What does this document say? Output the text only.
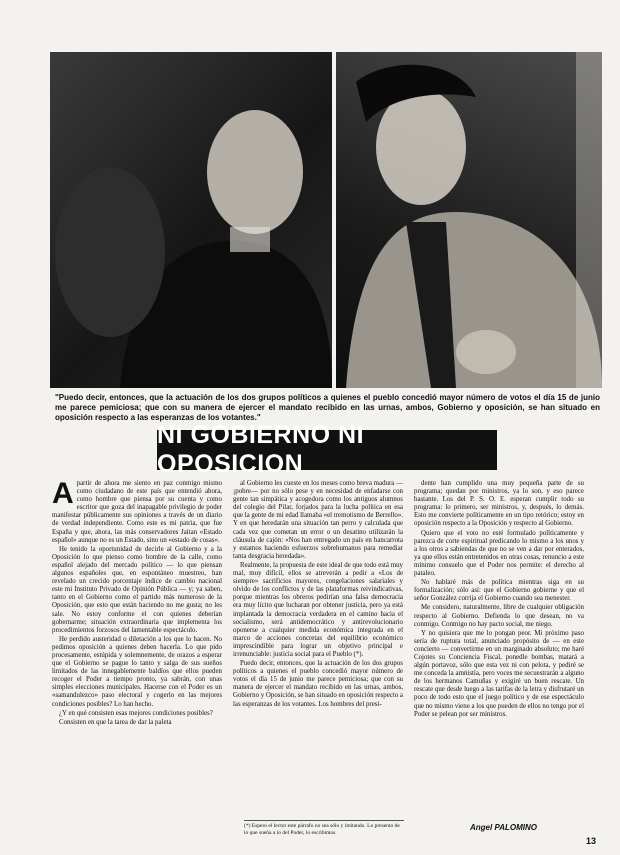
"Puedo decir, entonces, que la actuación de los dos grupos políticos a quienes el pueblo concedió mayor número de votos el día 15 de junio me parece pemiciosa; que con su manera de ejercer el mandato recibido en las urnas, ambos, Gobierno y oposición, se han situado en oposición respecto a las esperanzas de los votantes."
NI GOBIERNO NI OPOSICION

Apartir de ahora me siento en paz conmigo mismo como ciudadano de este país que entendió ahora, como hombre que piensa por su cuenta y como escritor que goza del inapagable privilegio de poder manifestar públicamente sus opiniones a través de un diario de verdad independiente. Como este es mi patria, que fue España y que, ahora, las más conservadores Jaitan «Estado español» aunque no es un Estado, sino un «estado de cosas».

He tenido la oportunidad de decirle al Gobierno y a la Oposición lo que pienso como hombre de la calle, como español alejado del mercado político — lo que piensan algunos españoles que, en espontáneo muestreo, han revelado un crecido porcentaje índice de cambio nacional este mi Instituto Privado de Opinión Pública — y; ya saben, tanto en el Gobierno como el partido más numeroso de la Oposición, que esto que están haciendo no me gusta; no les sale. No estoy conforme el con quienes deberían gobernarme; situación extraordinaria que implementa los procedimientos forzosos del lamentable espectáculo.

He perdido austeridad o diletación a los que lo hacen. No pedimos oposición a quienes deben hacerla. Lo que pido procesamente, estúpida y solemnemente, de orazos a esperar que el Gobierno se pague lo tanto y salga de sus sueños limitados de las innegablemente baldíos que ellos pueden recoger el Poder a tiempo pronto, ya sabrán, con unas simples elecciones municipales. Hacerse con el Poder es un «samandulezco» paso electoral y cogerlo en las mejores condiciones posibles? Lo han hecho.

¿Y en qué consisten esas mejores condiciones posibles?

Consisten en que la tarea de dar la paleta

al Gobierno les cueste en los meses como breva madura — ¡pobre— por no sólo pese y en necesidad de enfadarse con gente tan simpática y acogedora como los antiguos alumnos del colegio del Pilar, forjados para la lucha política en esa que la gente de mi edad llamaba «el tremotismo de Berrello». Y en que heredarán una situación tan perro y calculada que cada vez que cometan un error o un desatino utilizarán la cláusula de cajón: «Nos han entregado un país en bancarrota y estamos haciendo esfuerzos sobrehumanos para remediar tanta desgracia heredada».

Realmente, la propuesta de este ideal de que todo está muy mal, muy difícil, ellos se atreverán a pedir a «Los de siempre» sacrificios mayores, congelaciones salariales y olvido de los conflictos y de las plataformas reivindicativas, porque mientras los obreros pedirían una falsa democracia era muy lícito que lucharan por obtener justicia, pero ya está implantada la democracia verdadera en el camino hacia el socialismo, será antidemocrático y antirevolucionario oponerse a cualquier medida económica integrada en el marco de acciones concretas del equilibrio económico imprescindible para lograr un objetivo principal e irrenunciable: justicia social para el Pueblo (*).

Puedo decir, entonces, que la actuación de los dos grupos políticos a quienes el pueblo concedió mayor número de votos el día 15 de junio me parece pemiciosa; que con su manera de ejercer el mandato recibido en las urnas, ambos, Gobierno y Oposición, se han situado en oposición respecto a las esperanzas de los votantes. Los hombres del presi-

dente han cumplido una muy pequeña parte de su programa; quedan por ministros, ya lo son, y eso parece bastante. Los del P. S. O. E. esperan cumplir todo su programa: lo primero, ser ministros, y, después, lo demás. Esto me convierte políticamente en un tipo retórico; estoy en oposición respecto a la Oposición y respecto al Gobierno.

Quiero que el voto no esté formulado políticamente y parezca de corte espiritual predicando lo mismo a los unos y a los otros a sabiendas de que no se ven a dar por enterados, ya que ellos están entretenidos en otras cosas, renuncio a este mínimo consuelo que el Poder nos permite: el derecho al pataleo.

No hablaré más de política mientras siga en su formalización; sólo así: que el Gobierno gobierne y que el señor González corrija el Gobierno cuando sea menester.

Me considero, naturalmente, libre de cualquier obligación respecto al Gobierno. Defienda lo que desean, no va conmigo. Conmigo no hay pacto social, me niego.

Y no quisiera que me lo pongan peor. Mi próximo paso sería de ruptura total, anunciado propósito de — en este concierto — convertirme en un marginado absoluto; me haré Cojotes su Conciencia Fiscal, ponedle bombas, matará a algún portavoz, sólo que esta vez ni con pelota, y pediré se me conceda la amnistía, pero voces me secuestrarán a alguno de los hermanos Camuñas y exigiré un buen rescate. Un rescate que desde luego a las tarifas de la letra y disfrutaré un poco de todo esto que el juego político y de ese espectáculo que no mismo viene a los que pueden de ellos no tengo por el Poder se pelean por ser ministros.

(*) Espero el lector este párrafo no sea sólo y imitando. Lo presento de lo que sueña a lo del Poder, lo escribimos.
Angel PALOMINO
13
